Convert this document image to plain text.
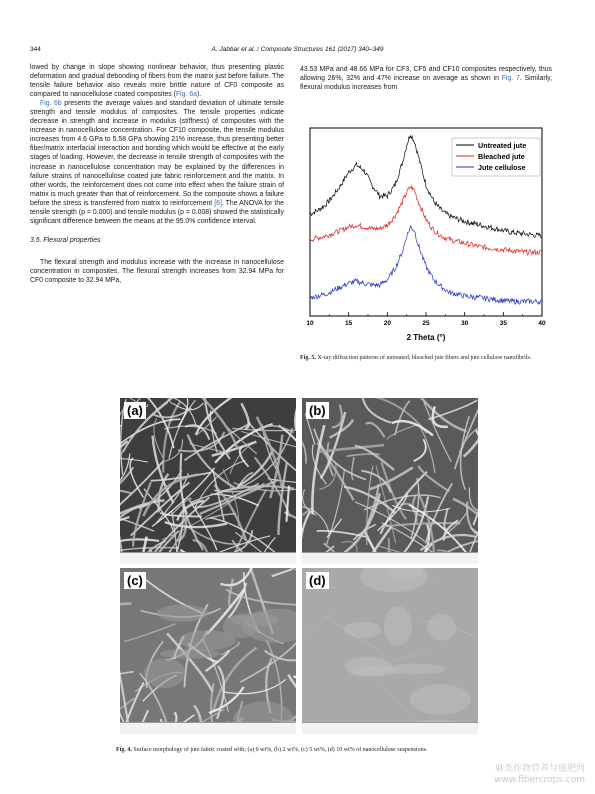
344	A. Jabbar et al. / Composite Structures 161 (2017) 340–349

lowed by change in slope showing nonlinear behavior, thus presenting plastic deformation and gradual debonding of fibers from the matrix just before failure. The tensile failure behavior also reveals more brittle nature of CF0 composite as compared to nanocellulose coated composites (Fig. 6a).

Fig. 6b presents the average values and standard deviation of ultimate tensile strength and tensile modulus of composites. The tensile properties indicate decrease in strength and increase in modulus (stiffness) of composites with the increase in nanocellulose concentration. For CF10 composite, the tensile modulus increases from 4.6 GPa to 5.58 GPa showing 21% increase, thus presenting better fiber/matrix interfacial interaction and bonding which would be effective at the early stages of loading. However, the decrease in tensile strength of composites with the increase in nanocellulose concentration may be explained by the differences in failure strains of nanocellulose coated jute fabric reinforcement and the matrix. In other words, the reinforcement does not come into effect when the failure strain of matrix is much greater than that of reinforcement. So the composite shows a failure before the stress is transferred from matrix to reinforcement [6]. The ANOVA for the tensile strength (p = 0.000) and tensile modulus (p = 0.008) showed the statistically significant difference between the means at the 95.0% confidence interval.

3.5. Flexural properties

The flexural strength and modulus increase with the increase in nanocellulose concentration in composites. The flexural strength increases from 32.94 MPa for CF0 composite to 32.94 MPa,

43.53 MPa and 48.66 MPa for CF3, CF5 and CF10 composites respectively, thus allowing 26%, 32% and 47% increase on average as shown in Fig. 7. Similarly, flexural modulus increases from

10	15	20	25	30	35	40
2 Theta (°)
Untreated jute
Bleached jute
Jute cellulose
Fig. 5. X-ray diffraction patterns of untreated, bleached jute fibers and jute cellulose nanofibrils.
(a)	(b)
(c)	(d)
Fig. 4. Surface morphology of jute fabric coated with; (a) 0 wt%, (b) 2 wt%, (c) 5 wt%, (d) 10 wt% of nanocellulose suspensions.
麻类作物营养与施肥网
www.fibercrops.com
